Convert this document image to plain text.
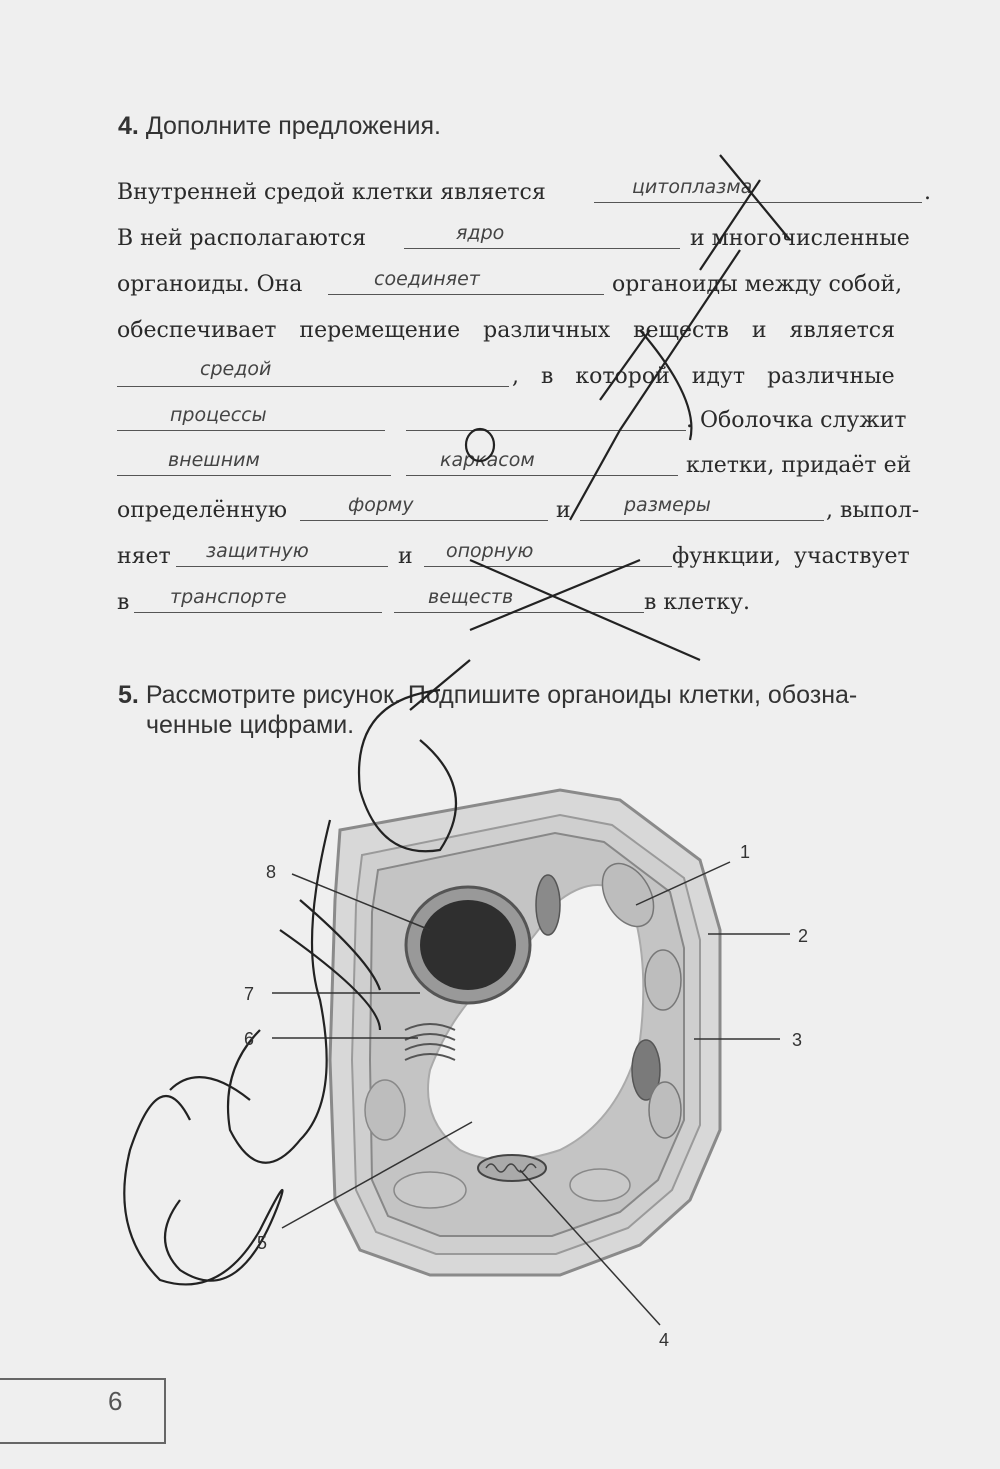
4. Дополните предложения.
Внутренней средой клетки является	цитоплазма	.
В ней располагаются	ядро	и многочисленные
органоиды. Она	соединяет	органоиды между собой,
обеспечивает перемещение различных веществ и является
средой	, в которой идут различные
процессы	. Оболочка служит
внешним	каркасом	клетки, придаёт ей
определённую	форму	и	размеры	, выпол-
няет защитную	и опорную	функции, участвует
в транспорте	веществ	в клетку.
5. Рассмотрите рисунок. Подпишите органоиды клетки, обозна-
ченные цифрами.
1
2
3
4
5
6
7
8
6
